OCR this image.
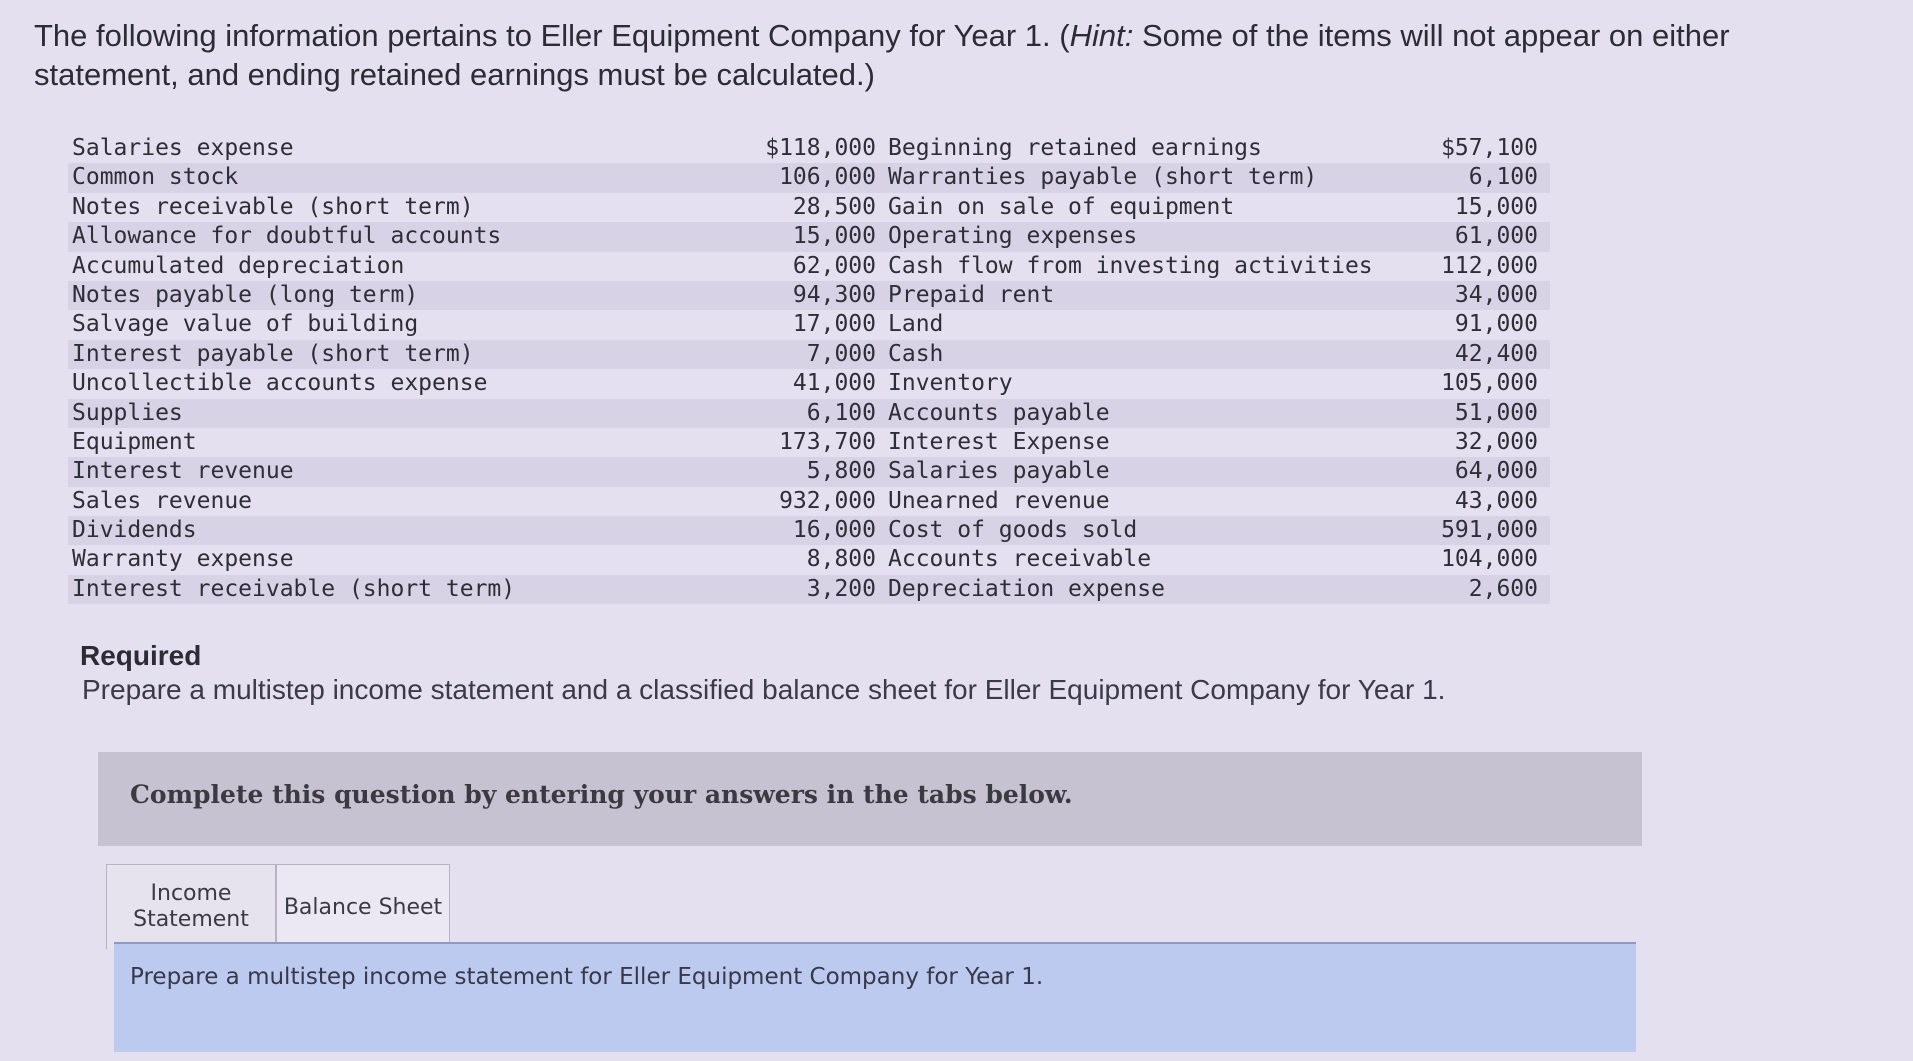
The following information pertains to Eller Equipment Company for Year 1. (Hint: Some of the items will not appear on either statement, and ending retained earnings must be calculated.)
Salaries expense	$118,000 Beginning retained earnings	$57,100
Common stock	106,000 Warranties payable (short term)	6,100
Notes receivable (short term)	28,500 Gain on sale of equipment	15,000
Allowance for doubtful accounts	15,000 Operating expenses	61,000
Accumulated depreciation	62,000 Cash flow from investing activities	112,000
Notes payable (long term)	94,300 Prepaid rent	34,000
Salvage value of building	17,000 Land	91,000
Interest payable (short term)	7,000 Cash	42,400
Uncollectible accounts expense	41,000 Inventory	105,000
Supplies	6,100 Accounts payable	51,000
Equipment	173,700 Interest Expense	32,000
Interest revenue	5,800 Salaries payable	64,000
Sales revenue	932,000 Unearned revenue	43,000
Dividends	16,000 Cost of goods sold	591,000
Warranty expense	8,800 Accounts receivable	104,000
Interest receivable (short term)	3,200 Depreciation expense	2,600
Required
Prepare a multistep income statement and a classified balance sheet for Eller Equipment Company for Year 1.
Complete this question by entering your answers in the tabs below.
Income
Statement Balance Sheet
Prepare a multistep income statement for Eller Equipment Company for Year 1.
